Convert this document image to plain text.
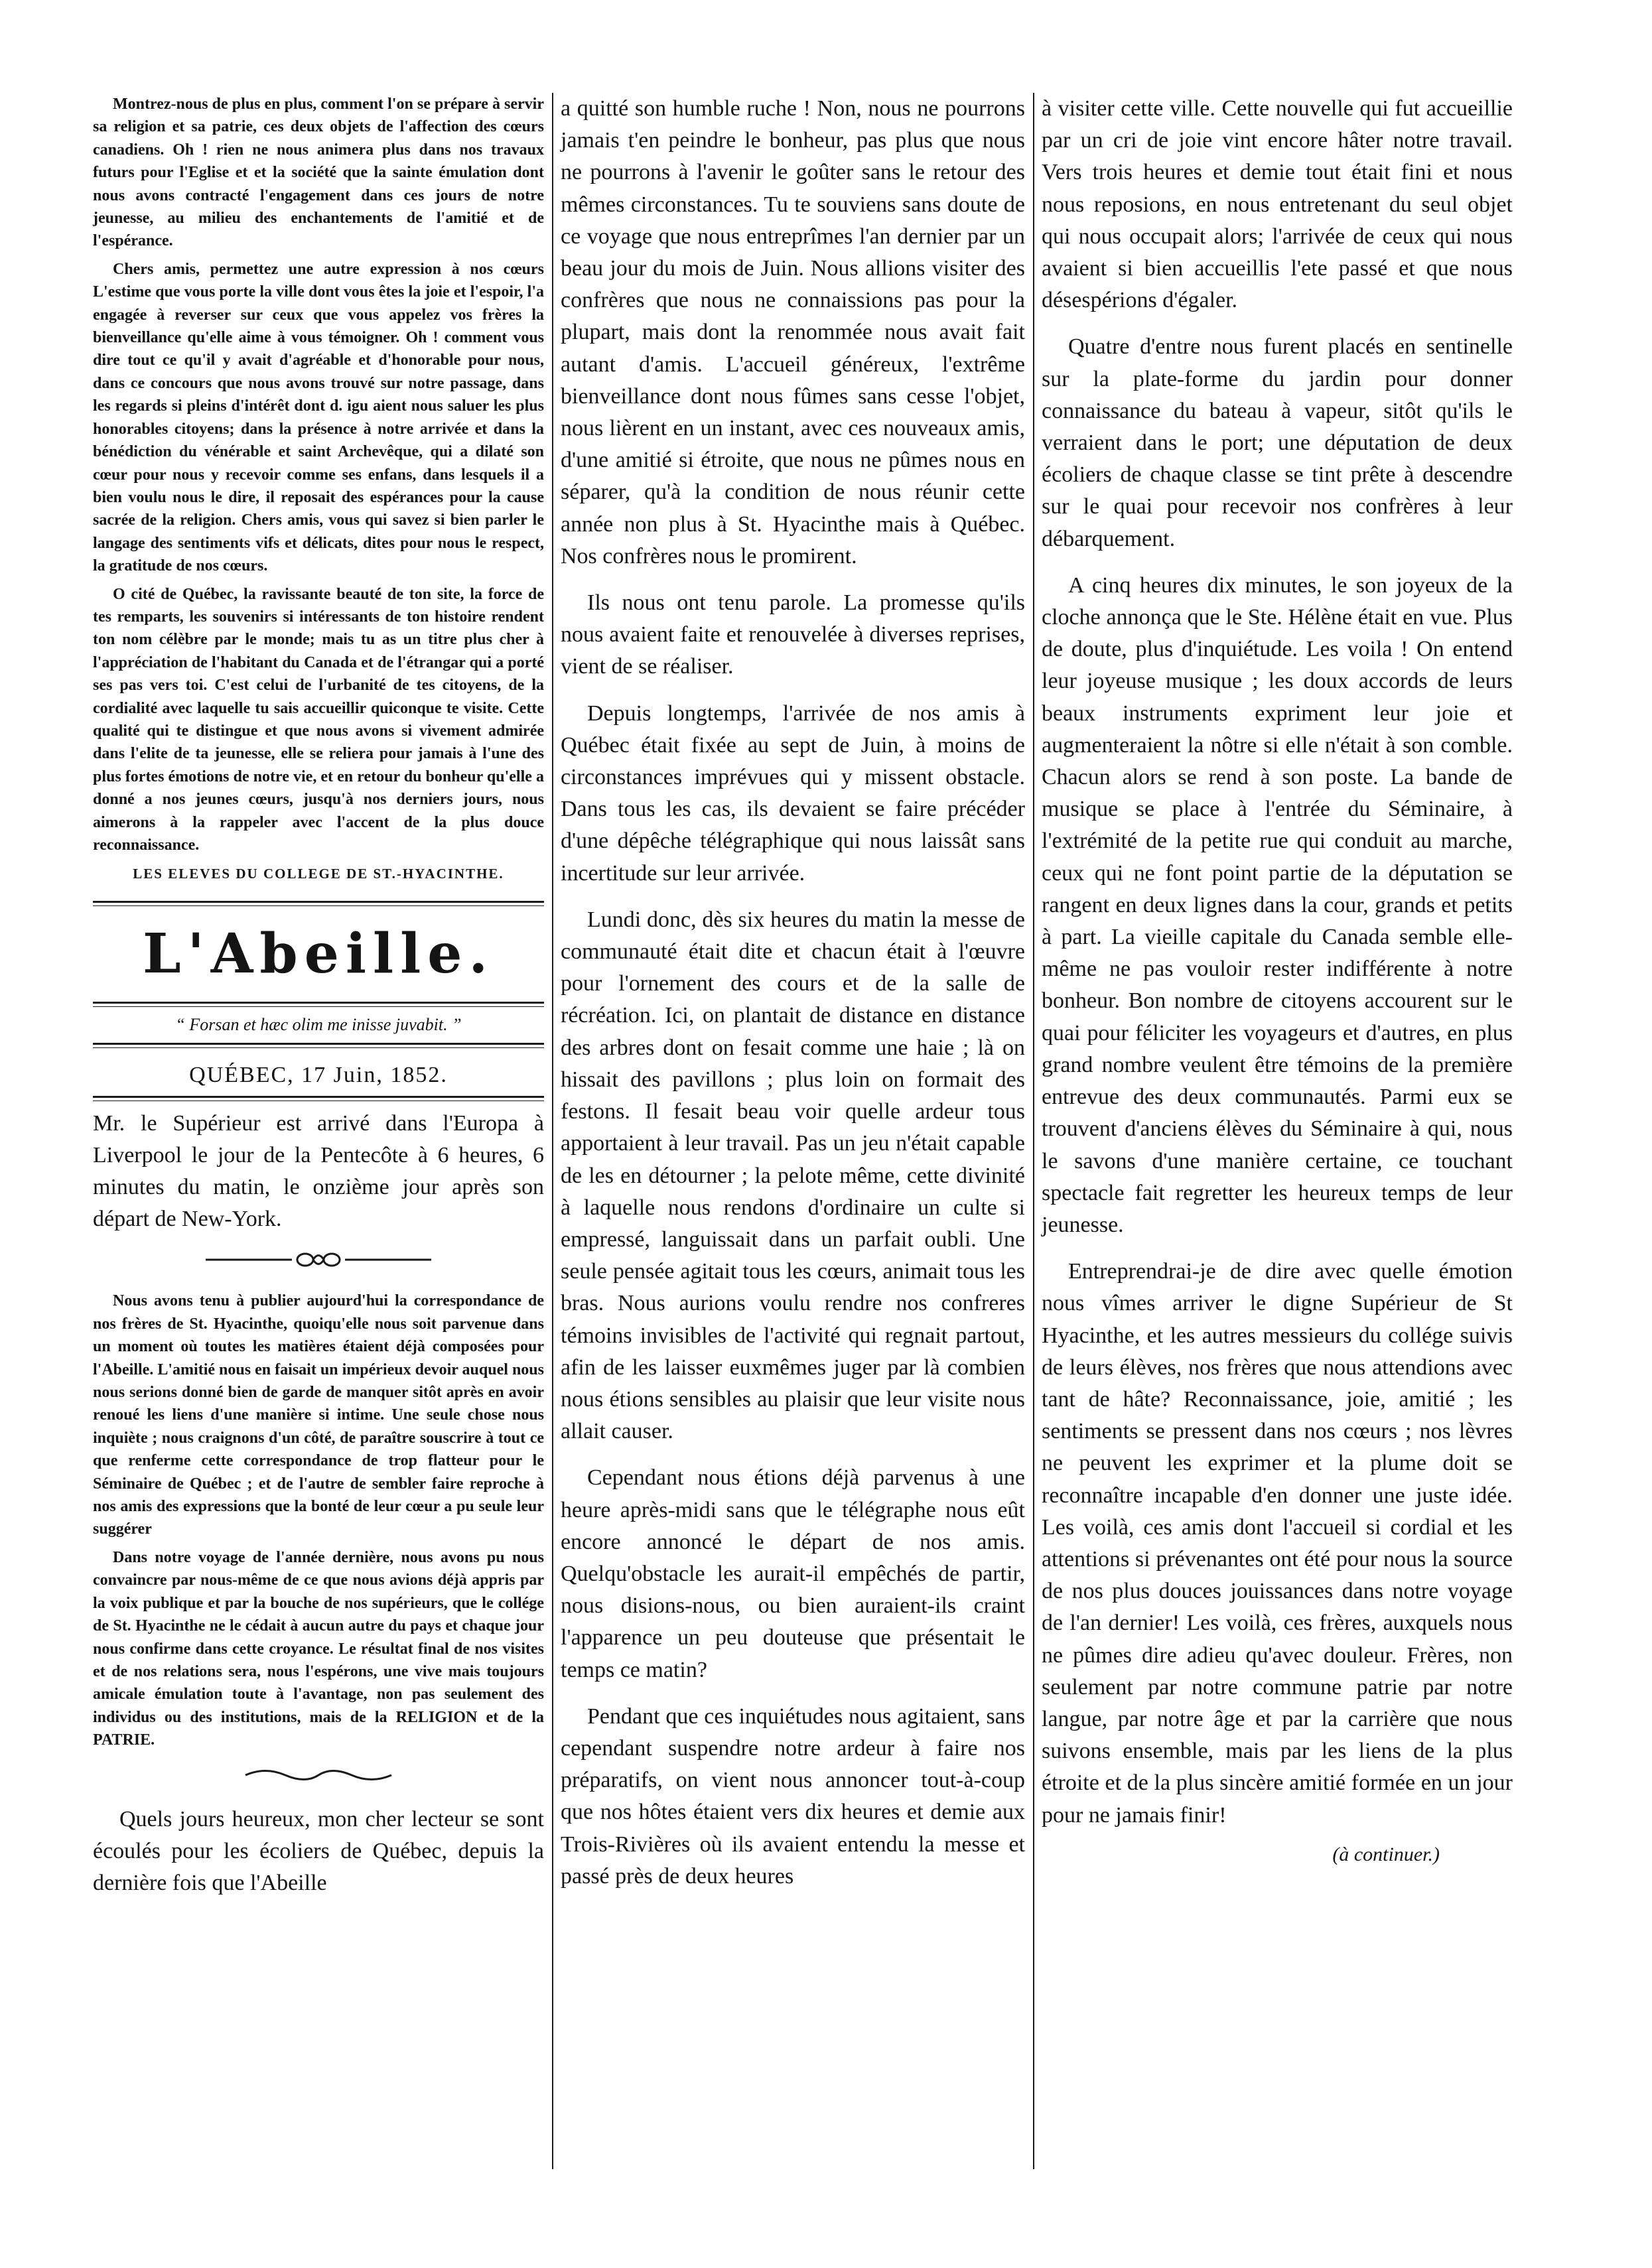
Montrez-nous de plus en plus, comment l'on se prépare à servir sa religion et sa patrie, ces deux objets de l'affection des cœurs canadiens. Oh ! rien ne nous animera plus dans nos travaux futurs pour l'Eglise et et la société que la sainte émulation dont nous avons contracté l'engagement dans ces jours de notre jeunesse, au milieu des enchantements de l'amitié et de l'espérance.

Chers amis, permettez une autre expression à nos cœurs L'estime que vous porte la ville dont vous êtes la joie et l'espoir, l'a engagée à reverser sur ceux que vous appelez vos frères la bienveillance qu'elle aime à vous témoigner. Oh ! comment vous dire tout ce qu'il y avait d'agréable et d'honorable pour nous, dans ce concours que nous avons trouvé sur notre passage, dans les regards si pleins d'intérêt dont d. igu aient nous saluer les plus honorables citoyens; dans la présence à notre arrivée et dans la bénédiction du vénérable et saint Archevêque, qui a dilaté son cœur pour nous y recevoir comme ses enfans, dans lesquels il a bien voulu nous le dire, il reposait des espérances pour la cause sacrée de la religion. Chers amis, vous qui savez si bien parler le langage des sentiments vifs et délicats, dites pour nous le respect, la gratitude de nos cœurs.

O cité de Québec, la ravissante beauté de ton site, la force de tes remparts, les souvenirs si intéressants de ton histoire rendent ton nom célèbre par le monde; mais tu as un titre plus cher à l'appréciation de l'habitant du Canada et de l'étrangar qui a porté ses pas vers toi. C'est celui de l'urbanité de tes citoyens, de la cordialité avec laquelle tu sais accueillir quiconque te visite. Cette qualité qui te distingue et que nous avons si vivement admirée dans l'elite de ta jeunesse, elle se reliera pour jamais à l'une des plus fortes émotions de notre vie, et en retour du bonheur qu'elle a donné a nos jeunes cœurs, jusqu'à nos derniers jours, nous aimerons à la rappeler avec l'accent de la plus douce reconnaissance.

LES ELEVES DU COLLEGE DE ST.-HYACINTHE.
L'Abeille.
“ Forsan et hæc olim me inisse juvabit. ”
QUÉBEC, 17 Juin, 1852.

Mr. le Supérieur est arrivé dans l'Europa à Liverpool le jour de la Pentecôte à 6 heures, 6 minutes du matin, le onzième jour après son départ de New-York.

Nous avons tenu à publier aujourd'hui la correspondance de nos frères de St. Hyacinthe, quoiqu'elle nous soit parvenue dans un moment où toutes les matières étaient déjà composées pour l'Abeille. L'amitié nous en faisait un impérieux devoir auquel nous nous serions donné bien de garde de manquer sitôt après en avoir renoué les liens d'une manière si intime. Une seule chose nous inquiète ; nous craignons d'un côté, de paraître souscrire à tout ce que renferme cette correspondance de trop flatteur pour le Séminaire de Québec ; et de l'autre de sembler faire reproche à nos amis des expressions que la bonté de leur cœur a pu seule leur suggérer

Dans notre voyage de l'année dernière, nous avons pu nous convaincre par nous-même de ce que nous avions déjà appris par la voix publique et par la bouche de nos supérieurs, que le collége de St. Hyacinthe ne le cédait à aucun autre du pays et chaque jour nous confirme dans cette croyance. Le résultat final de nos visites et de nos relations sera, nous l'espérons, une vive mais toujours amicale émulation toute à l'avantage, non pas seulement des individus ou des institutions, mais de la RELIGION et de la PATRIE.

Quels jours heureux, mon cher lecteur se sont écoulés pour les écoliers de Québec, depuis la dernière fois que l'Abeille

a quitté son humble ruche ! Non, nous ne pourrons jamais t'en peindre le bonheur, pas plus que nous ne pourrons à l'avenir le goûter sans le retour des mêmes circonstances. Tu te souviens sans doute de ce voyage que nous entreprîmes l'an dernier par un beau jour du mois de Juin. Nous allions visiter des confrères que nous ne connaissions pas pour la plupart, mais dont la renommée nous avait fait autant d'amis. L'accueil généreux, l'extrême bienveillance dont nous fûmes sans cesse l'objet, nous lièrent en un instant, avec ces nouveaux amis, d'une amitié si étroite, que nous ne pûmes nous en séparer, qu'à la condition de nous réunir cette année non plus à St. Hyacinthe mais à Québec. Nos confrères nous le promirent.

Ils nous ont tenu parole. La promesse qu'ils nous avaient faite et renouvelée à diverses reprises, vient de se réaliser.

Depuis longtemps, l'arrivée de nos amis à Québec était fixée au sept de Juin, à moins de circonstances imprévues qui y missent obstacle. Dans tous les cas, ils devaient se faire précéder d'une dépêche télégraphique qui nous laissât sans incertitude sur leur arrivée.

Lundi donc, dès six heures du matin la messe de communauté était dite et chacun était à l'œuvre pour l'ornement des cours et de la salle de récréation. Ici, on plantait de distance en distance des arbres dont on fesait comme une haie ; là on hissait des pavillons ; plus loin on formait des festons. Il fesait beau voir quelle ardeur tous apportaient à leur travail. Pas un jeu n'était capable de les en détourner ; la pelote même, cette divinité à laquelle nous rendons d'ordinaire un culte si empressé, languissait dans un parfait oubli. Une seule pensée agitait tous les cœurs, animait tous les bras. Nous aurions voulu rendre nos confreres témoins invisibles de l'activité qui regnait partout, afin de les laisser euxmêmes juger par là combien nous étions sensibles au plaisir que leur visite nous allait causer.

Cependant nous étions déjà parvenus à une heure après-midi sans que le télégraphe nous eût encore annoncé le départ de nos amis. Quelqu'obstacle les aurait-il empêchés de partir, nous disions-nous, ou bien auraient-ils craint l'apparence un peu douteuse que présentait le temps ce matin?

Pendant que ces inquiétudes nous agitaient, sans cependant suspendre notre ardeur à faire nos préparatifs, on vient nous annoncer tout-à-coup que nos hôtes étaient vers dix heures et demie aux Trois-Rivières où ils avaient entendu la messe et passé près de deux heures

à visiter cette ville. Cette nouvelle qui fut accueillie par un cri de joie vint encore hâter notre travail. Vers trois heures et demie tout était fini et nous nous reposions, en nous entretenant du seul objet qui nous occupait alors; l'arrivée de ceux qui nous avaient si bien accueillis l'ete passé et que nous désespérions d'égaler.

Quatre d'entre nous furent placés en sentinelle sur la plate-forme du jardin pour donner connaissance du bateau à vapeur, sitôt qu'ils le verraient dans le port; une députation de deux écoliers de chaque classe se tint prête à descendre sur le quai pour recevoir nos confrères à leur débarquement.

A cinq heures dix minutes, le son joyeux de la cloche annonça que le Ste. Hélène était en vue. Plus de doute, plus d'inquiétude. Les voila ! On entend leur joyeuse musique ; les doux accords de leurs beaux instruments expriment leur joie et augmenteraient la nôtre si elle n'était à son comble. Chacun alors se rend à son poste. La bande de musique se place à l'entrée du Séminaire, à l'extrémité de la petite rue qui conduit au marche, ceux qui ne font point partie de la députation se rangent en deux lignes dans la cour, grands et petits à part. La vieille capitale du Canada semble elle-même ne pas vouloir rester indifférente à notre bonheur. Bon nombre de citoyens accourent sur le quai pour féliciter les voyageurs et d'autres, en plus grand nombre veulent être témoins de la première entrevue des deux communautés. Parmi eux se trouvent d'anciens élèves du Séminaire à qui, nous le savons d'une manière certaine, ce touchant spectacle fait regretter les heureux temps de leur jeunesse.

Entreprendrai-je de dire avec quelle émotion nous vîmes arriver le digne Supérieur de St Hyacinthe, et les autres messieurs du collége suivis de leurs élèves, nos frères que nous attendions avec tant de hâte? Reconnaissance, joie, amitié ; les sentiments se pressent dans nos cœurs ; nos lèvres ne peuvent les exprimer et la plume doit se reconnaître incapable d'en donner une juste idée. Les voilà, ces amis dont l'accueil si cordial et les attentions si prévenantes ont été pour nous la source de nos plus douces jouissances dans notre voyage de l'an dernier! Les voilà, ces frères, auxquels nous ne pûmes dire adieu qu'avec douleur. Frères, non seulement par notre commune patrie par notre langue, par notre âge et par la carrière que nous suivons ensemble, mais par les liens de la plus étroite et de la plus sincère amitié formée en un jour pour ne jamais finir!

(à continuer.)
